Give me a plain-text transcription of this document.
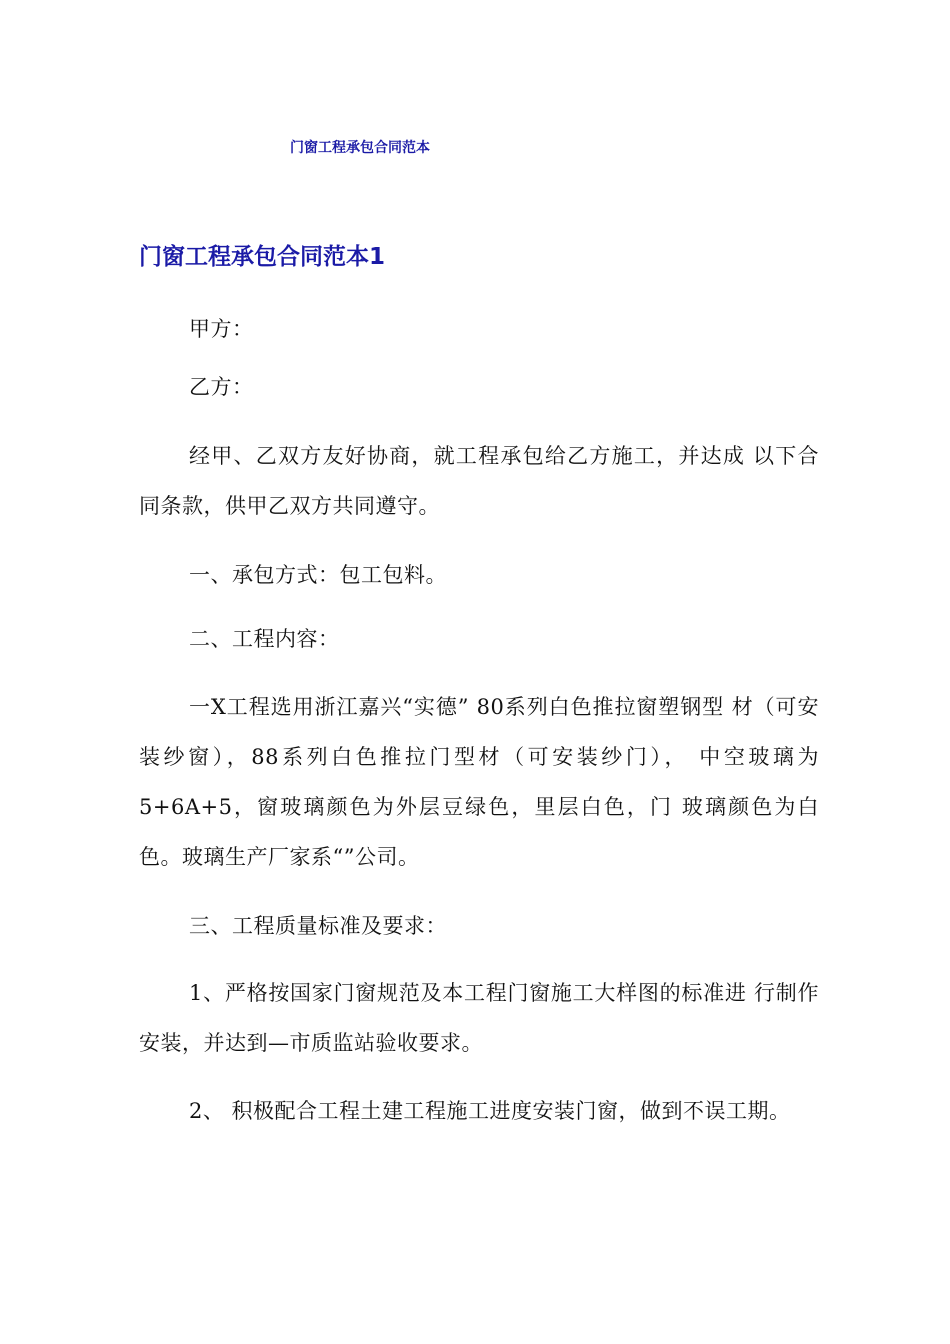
门窗工程承包合同范本
门窗工程承包合同范本1

甲方：

乙方：

经甲、乙双方友好协商，就工程承包给乙方施工，并达成 以下合同条款，供甲乙双方共同遵守。

一、承包方式：包工包料。

二、工程内容：

一X工程选用浙江嘉兴“实德” 80系列白色推拉窗塑钢型 材（可安装纱窗），88系列白色推拉门型材（可安装纱门）， 中空玻璃为5+6A+5，窗玻璃颜色为外层豆绿色，里层白色，门 玻璃颜色为白色。玻璃生产厂家系“”公司。

三、工程质量标准及要求：

1、严格按国家门窗规范及本工程门窗施工大样图的标准进 行制作安装，并达到—市质监站验收要求。

2、 积极配合工程土建工程施工进度安装门窗，做到不误工期。
